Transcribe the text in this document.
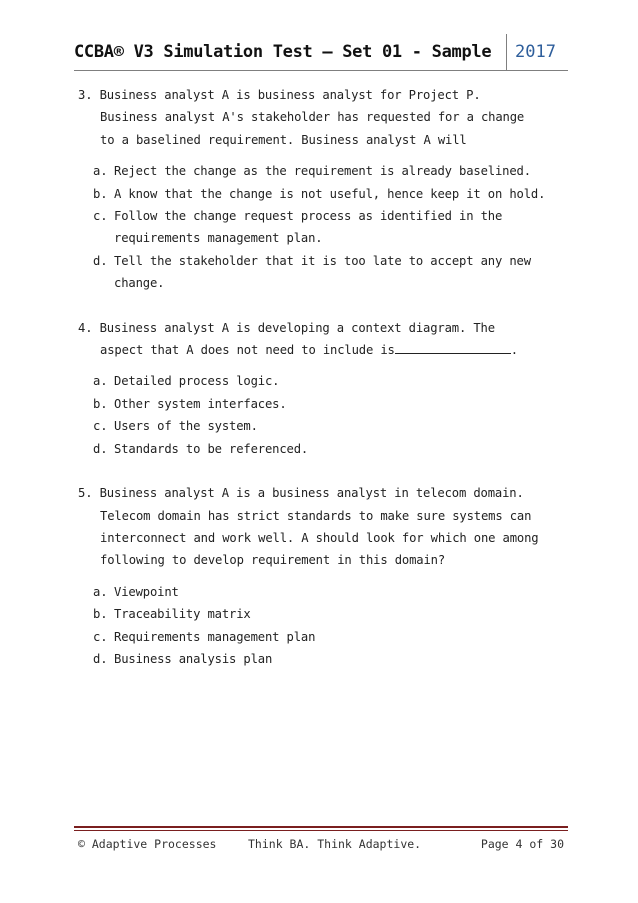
CCBA® V3 Simulation Test – Set 01 - Sample	2017
3. Business analyst A is business analyst for Project P.
Business analyst A's stakeholder has requested for a change
to a baselined requirement. Business analyst A will
a. Reject the change as the requirement is already baselined.
b. A know that the change is not useful, hence keep it on hold.
c. Follow the change request process as identified in the requirements management plan.
d. Tell the stakeholder that it is too late to accept any new change.
4. Business analyst A is developing a context diagram. The
aspect that A does not need to include is	.
a. Detailed process logic.
b. Other system interfaces.
c. Users of the system.
d. Standards to be referenced.
5. Business analyst A is a business analyst in telecom domain.
Telecom domain has strict standards to make sure systems can
interconnect and work well. A should look for which one among
following to develop requirement in this domain?
a. Viewpoint
b. Traceability matrix
c. Requirements management plan
d. Business analysis plan
© Adaptive Processes	Think BA. Think Adaptive.	Page 4 of 30
